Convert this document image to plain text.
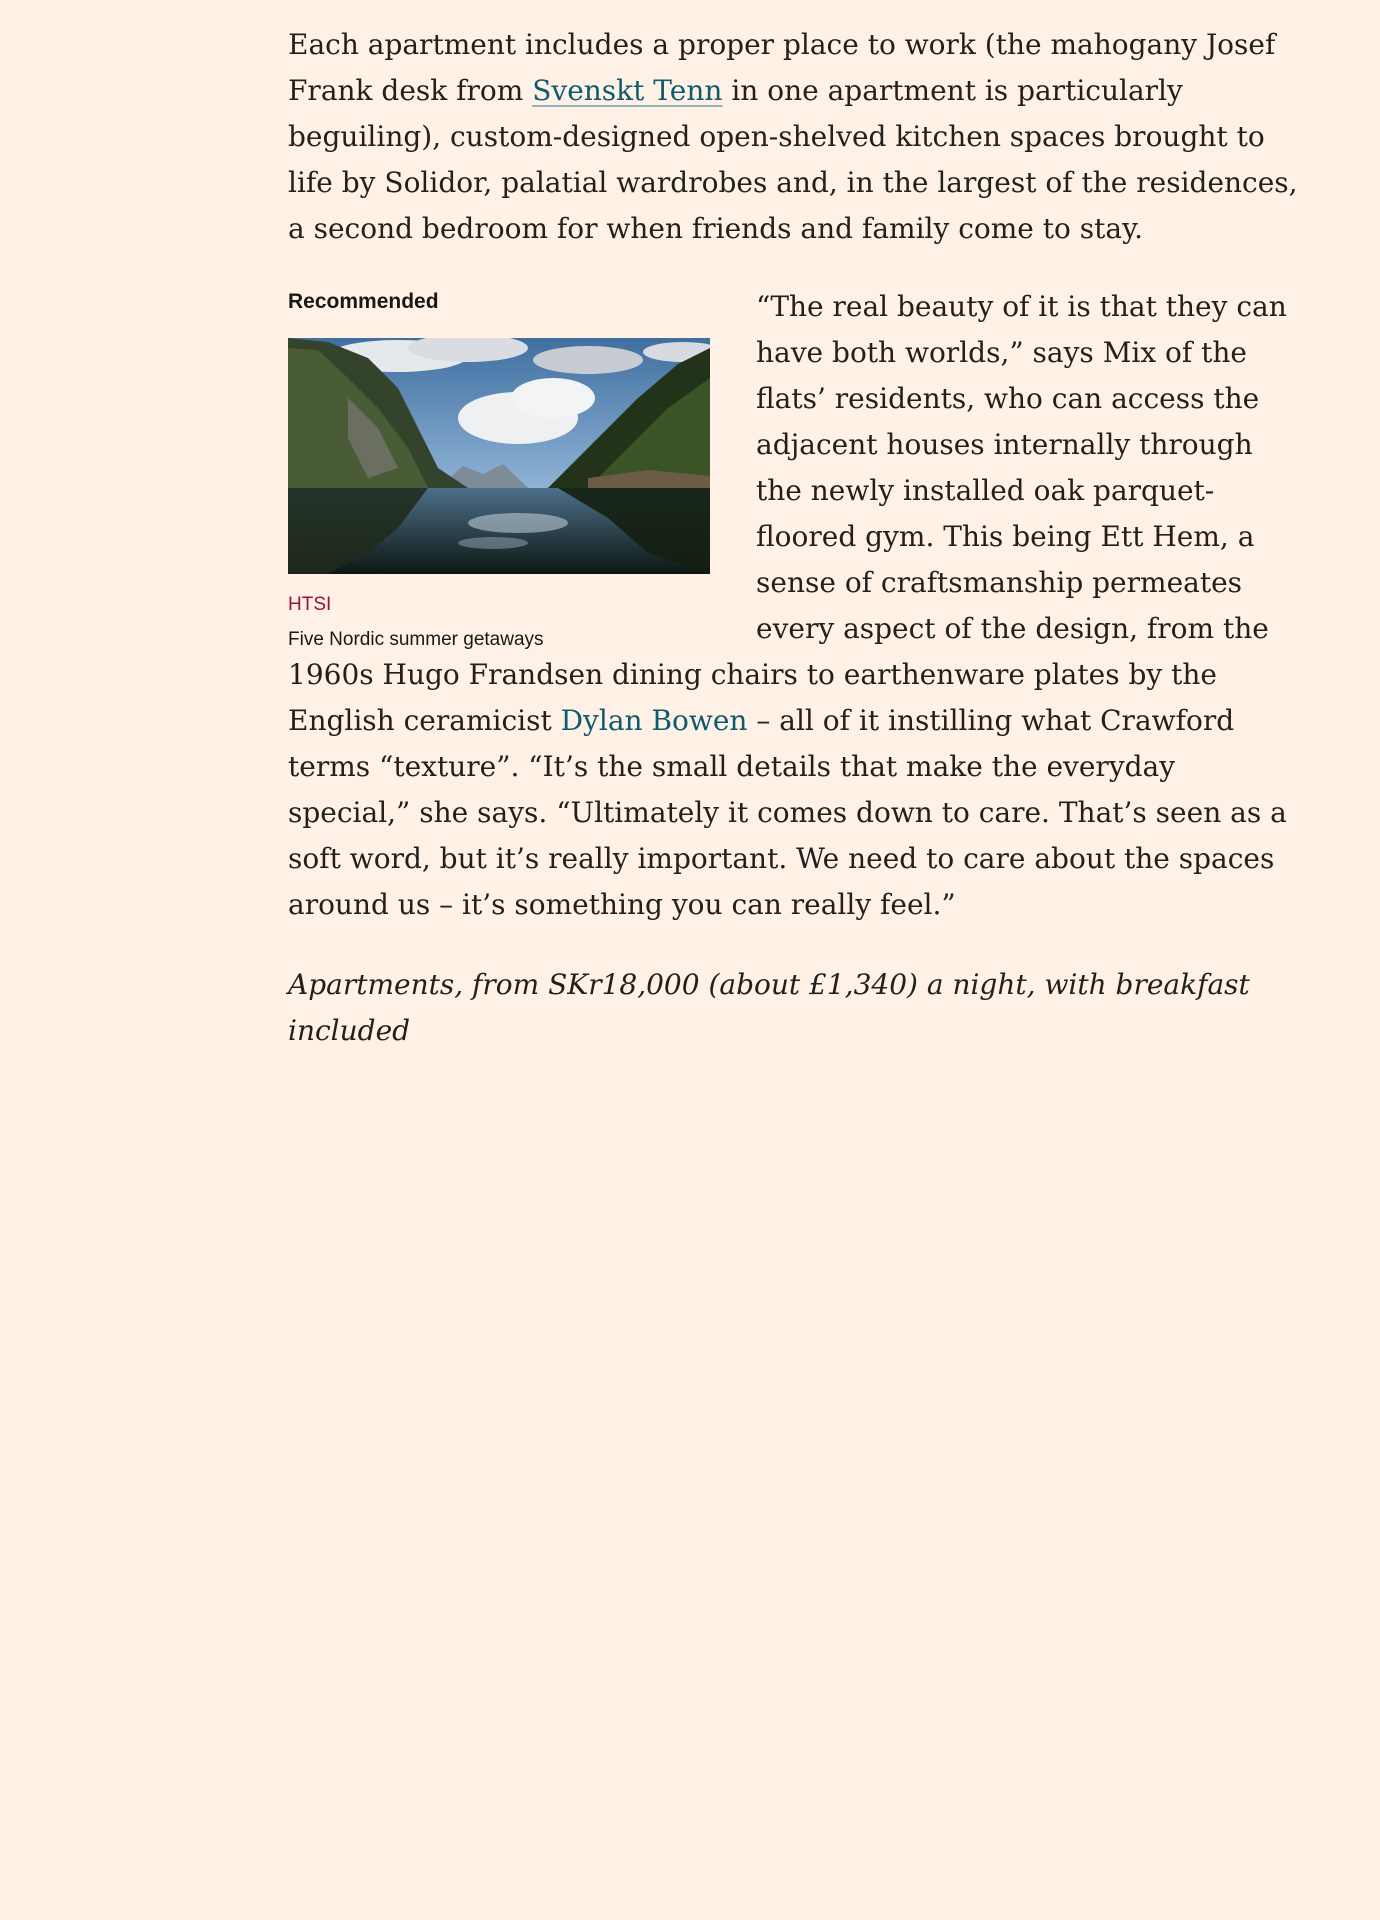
Each apartment includes a proper place to work (the mahogany Josef Frank desk from Svenskt Tenn in one apartment is particularly beguiling), custom-designed open-shelved kitchen spaces brought to life by Solidor, palatial wardrobes and, in the largest of the residences, a second bedroom for when friends and family come to stay.

Recommended
HTSI
Five Nordic summer getaways

“The real beauty of it is that they can have both worlds,” says Mix of the flats’ residents, who can access the adjacent houses internally through the newly installed oak parquet-floored gym. This being Ett Hem, a sense of craftsmanship permeates every aspect of the design, from the 1960s Hugo Frandsen dining chairs to earthenware plates by the English ceramicist Dylan Bowen – all of it instilling what Crawford terms “texture”. “It’s the small details that make the everyday special,” she says. “Ultimately it comes down to care. That’s seen as a soft word, but it’s really important. We need to care about the spaces around us – it’s something you can really feel.”

Apartments, from SKr18,000 (about £1,340) a night, with breakfast included
